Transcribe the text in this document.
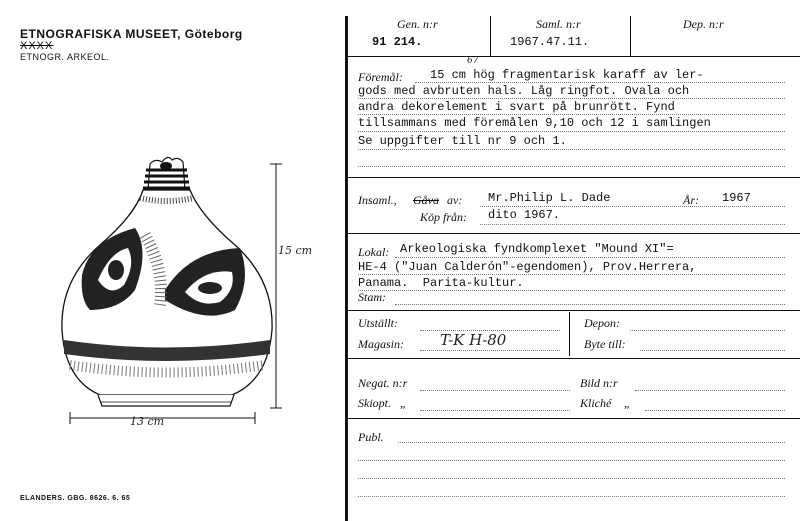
ETNOGRAFISKA MUSEET, Göteborg
XXXX
ETNOGR. ARKEOL.
15 cm
13 cm
ELANDERS. GBG. 8626. 6. 65
Gen. n:r	Saml. n:r	Dep. n:r
91 214.	1967.47.11.
Föremål:
67
15 cm hög fragmentarisk karaff av ler-
gods med avbruten hals. Låg ringfot. Ovala och
andra dekorelement i svart på brunrött. Fynd
tillsammans med föremålen 9,10 och 12 i samlingen
Se uppgifter till nr 9 och 1.
Insaml., Gåva av: Mr.Philip L. Dade	År: 1967
Köp från: dito 1967.
Lokal: Arkeologiska fyndkomplexet "Mound XI"=
HE-4 ("Juan Calderón"-egendomen), Prov.Herrera,
Panama.  Parita-kultur.
Stam:
Utställt:
Magasin: T-K H-80
Depon:
Byte till:
Negat. n:r
Skiopt. „
Bild n:r
Kliché „
Publ.
